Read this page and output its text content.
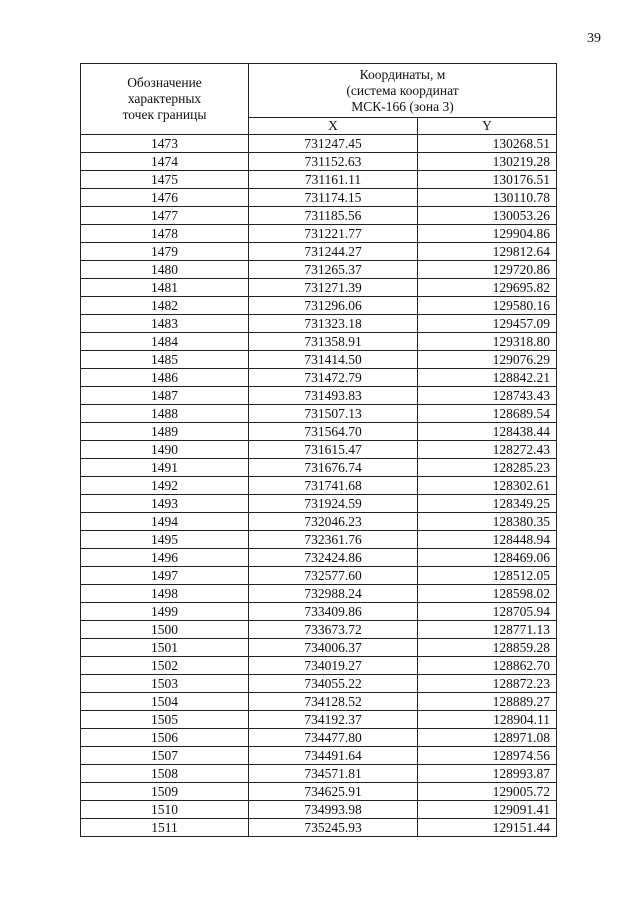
39
Обозначение
характерных
точек границы	Координаты, м
(система координат
МСК-166 (зона 3)	

	X	Y
1473	731247.45	130268.51
1474	731152.63	130219.28
1475	731161.11	130176.51
1476	731174.15	130110.78
1477	731185.56	130053.26
1478	731221.77	129904.86
1479	731244.27	129812.64
1480	731265.37	129720.86
1481	731271.39	129695.82
1482	731296.06	129580.16
1483	731323.18	129457.09
1484	731358.91	129318.80
1485	731414.50	129076.29
1486	731472.79	128842.21
1487	731493.83	128743.43
1488	731507.13	128689.54
1489	731564.70	128438.44
1490	731615.47	128272.43
1491	731676.74	128285.23
1492	731741.68	128302.61
1493	731924.59	128349.25
1494	732046.23	128380.35
1495	732361.76	128448.94
1496	732424.86	128469.06
1497	732577.60	128512.05
1498	732988.24	128598.02
1499	733409.86	128705.94
1500	733673.72	128771.13
1501	734006.37	128859.28
1502	734019.27	128862.70
1503	734055.22	128872.23
1504	734128.52	128889.27
1505	734192.37	128904.11
1506	734477.80	128971.08
1507	734491.64	128974.56
1508	734571.81	128993.87
1509	734625.91	129005.72
1510	734993.98	129091.41
1511	735245.93	129151.44
